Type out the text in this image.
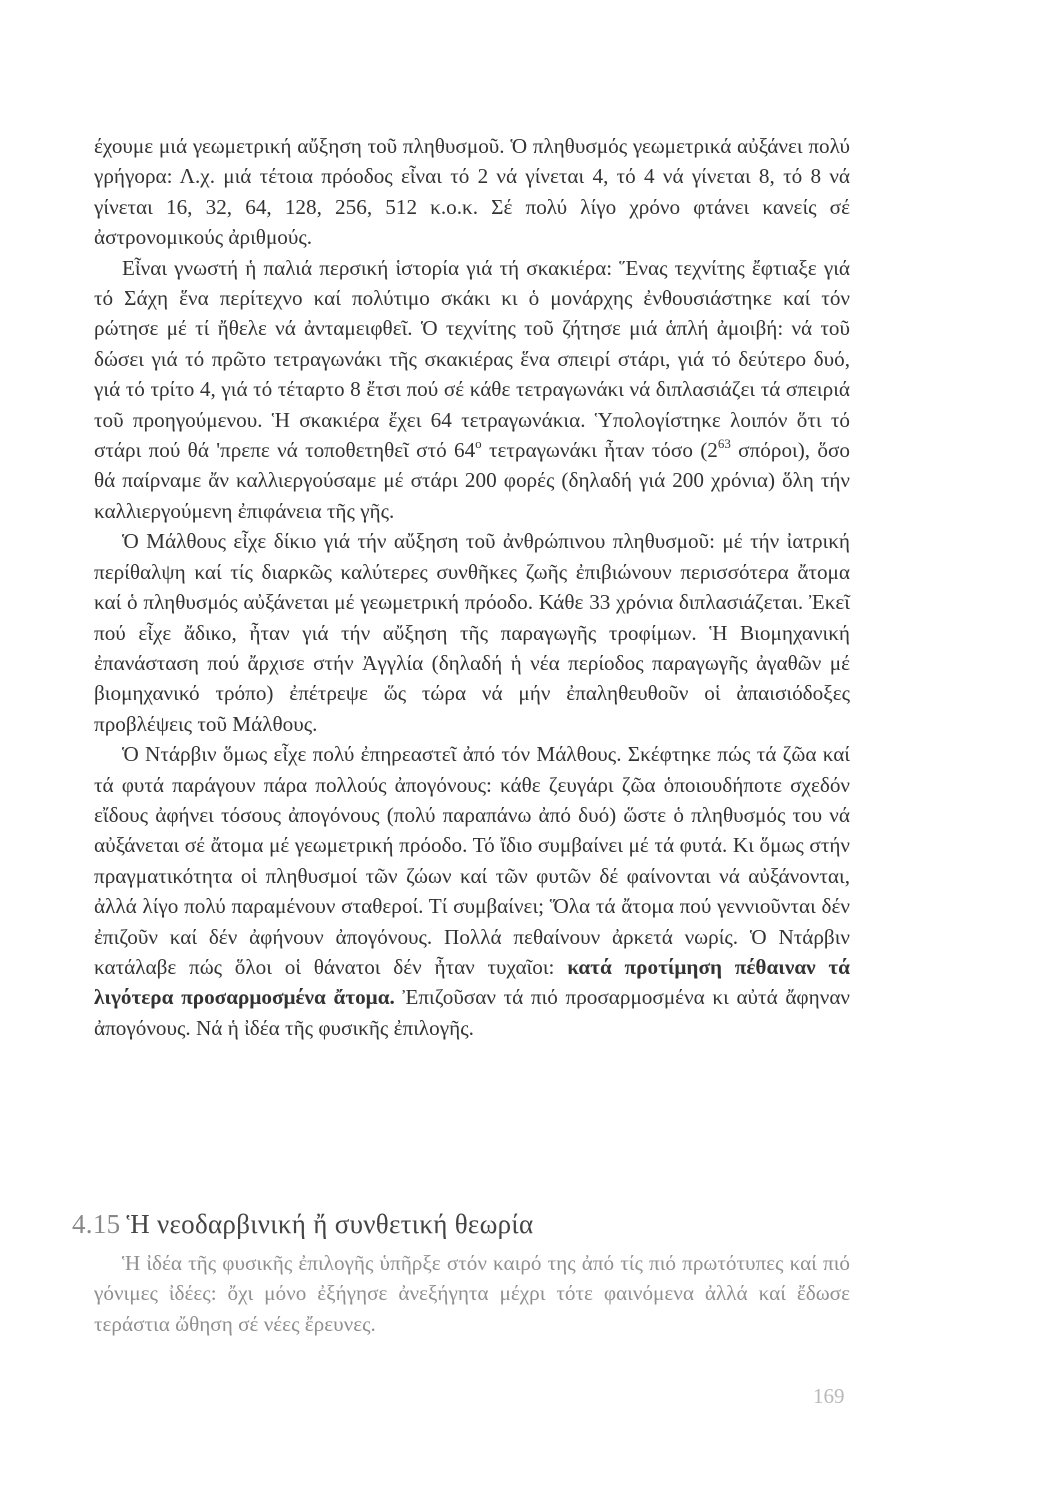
έχουμε μιά γεωμετρική αὔξηση τοῦ πληθυσμοῦ. Ὁ πληθυσμός γεωμετρικά αὐξάνει πολύ γρήγορα: Λ.χ. μιά τέτοια πρόοδος εἶναι τό 2 νά γίνεται 4, τό 4 νά γίνεται 8, τό 8 νά γίνεται 16, 32, 64, 128, 256, 512 κ.ο.κ. Σέ πολύ λίγο χρόνο φτάνει κανείς σέ ἀστρονομικούς ἀριθμούς.

Εἶναι γνωστή ἡ παλιά περσική ἱστορία γιά τή σκακιέρα: Ἕνας τεχνίτης ἔφτιαξε γιά τό Σάχη ἕνα περίτεχνο καί πολύτιμο σκάκι κι ὁ μονάρχης ἐνθουσιάστηκε καί τόν ρώτησε μέ τί ἤθελε νά ἀνταμειφθεῖ. Ὁ τεχνίτης τοῦ ζήτησε μιά ἁπλή ἀμοιβή: νά τοῦ δώσει γιά τό πρῶτο τετραγωνάκι τῆς σκακιέρας ἕνα σπειρί στάρι, γιά τό δεύτερο δυό, γιά τό τρίτο 4, γιά τό τέταρτο 8 ἔτσι πού σέ κάθε τετραγωνάκι νά διπλασιάζει τά σπειριά τοῦ προηγούμενου. Ἡ σκακιέρα ἔχει 64 τετραγωνάκια. Ὑπολογίστηκε λοιπόν ὅτι τό στάρι πού θά 'πρεπε νά τοποθετηθεῖ στό $64^o$ τετραγωνάκι ἦταν τόσο ($2^{63}$ σπόροι), ὅσο θά παίρναμε ἄν καλλιεργούσαμε μέ στάρι 200 φορές (δηλαδή γιά 200 χρόνια) ὅλη τήν καλλιεργούμενη ἐπιφάνεια τῆς γῆς.

Ὁ Μάλθους εἶχε δίκιο γιά τήν αὔξηση τοῦ ἀνθρώπινου πληθυσμοῦ: μέ τήν ἰατρική περίθαλψη καί τίς διαρκῶς καλύτερες συνθῆκες ζωῆς ἐπιβιώνουν περισσότερα ἄτομα καί ὁ πληθυσμός αὐξάνεται μέ γεωμετρική πρόοδο. Κάθε 33 χρόνια διπλασιάζεται. Ἐκεῖ πού εἶχε ἄδικο, ἦταν γιά τήν αὔξηση τῆς παραγωγῆς τροφίμων. Ἡ Βιομηχανική ἐπανάσταση πού ἄρχισε στήν Ἀγγλία (δηλαδή ἡ νέα περίοδος παραγωγῆς ἀγαθῶν μέ βιομηχανικό τρόπο) ἐπέτρεψε ὥς τώρα νά μήν ἐπαληθευθοῦν οἱ ἀπαισιόδοξες προβλέψεις τοῦ Μάλθους.

Ὁ Ντάρβιν ὅμως εἶχε πολύ ἐπηρεαστεῖ ἀπό τόν Μάλθους. Σκέφτηκε πώς τά ζῶα καί τά φυτά παράγουν πάρα πολλούς ἀπογόνους: κάθε ζευγάρι ζῶα ὁποιουδήποτε σχεδόν εἴδους ἀφήνει τόσους ἀπογόνους (πολύ παραπάνω ἀπό δυό) ὥστε ὁ πληθυσμός του νά αὐξάνεται σέ ἄτομα μέ γεωμετρική πρόοδο. Τό ἴδιο συμβαίνει μέ τά φυτά. Κι ὅμως στήν πραγματικότητα οἱ πληθυσμοί τῶν ζώων καί τῶν φυτῶν δέ φαίνονται νά αὐξάνονται, ἀλλά λίγο πολύ παραμένουν σταθεροί. Τί συμβαίνει; Ὅλα τά ἄτομα πού γεννιοῦνται δέν ἐπιζοῦν καί δέν ἀφήνουν ἀπογόνους. Πολλά πεθαίνουν ἀρκετά νωρίς. Ὁ Ντάρβιν κατάλαβε πώς ὅλοι οἱ θάνατοι δέν ἦταν τυχαῖοι: κατά προτίμηση πέθαιναν τά λιγότερα προσαρμοσμένα ἄτομα. Ἐπιζοῦσαν τά πιό προσαρμοσμένα κι αὐτά ἄφηναν ἀπογόνους. Νά ἡ ἰδέα τῆς φυσικῆς ἐπιλογῆς.

4.15 Ἡ νεοδαρβινική ἤ συνθετική θεωρία

Ἡ ἰδέα τῆς φυσικῆς ἐπιλογῆς ὑπῆρξε στόν καιρό της ἀπό τίς πιό πρωτότυπες καί πιό γόνιμες ἰδέες: ὄχι μόνο ἐξήγησε ἀνεξήγητα μέχρι τότε φαινόμενα ἀλλά καί ἔδωσε τεράστια ὤθηση σέ νέες ἔρευνες.

169
